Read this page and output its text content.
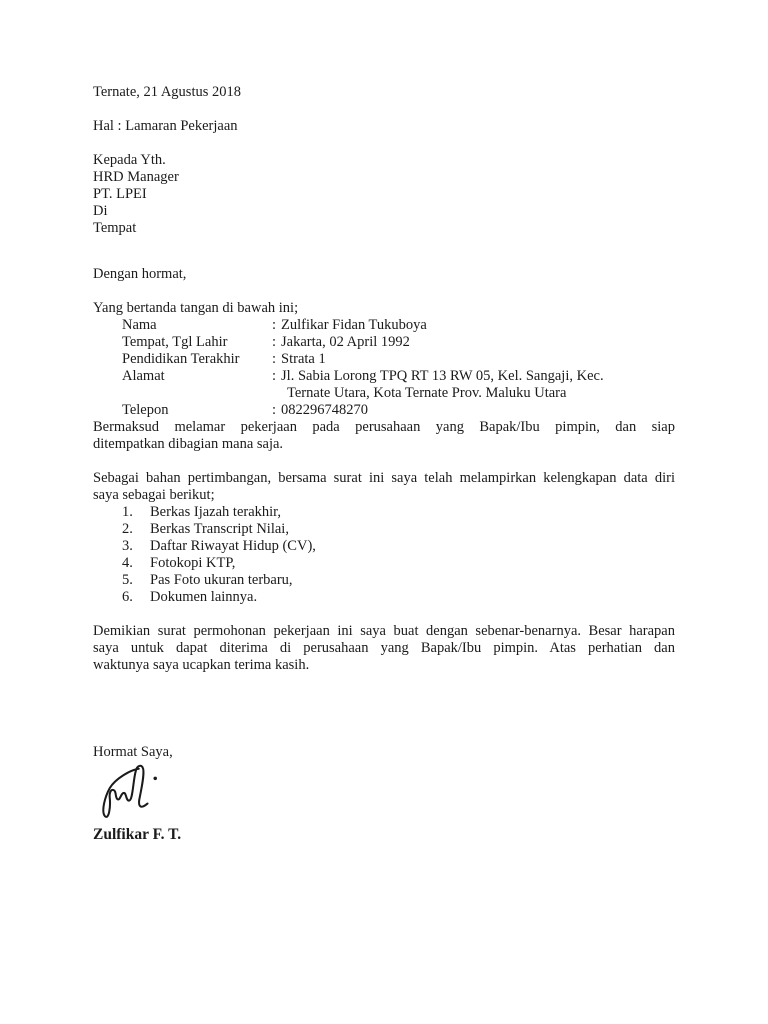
Ternate, 21 Agustus 2018
Hal : Lamaran Pekerjaan
Kepada Yth.
HRD Manager
PT. LPEI
Di
Tempat
Dengan hormat,
Yang bertanda tangan di bawah ini;
Nama	: Zulfikar Fidan Tukuboya
Tempat, Tgl Lahir	: Jakarta, 02 April 1992
Pendidikan Terakhir	: Strata 1
Alamat	: Jl. Sabia Lorong TPQ RT 13 RW 05, Kel. Sangaji, Kec.
Ternate Utara, Kota Ternate Prov. Maluku Utara
Telepon	: 082296748270
Bermaksud melamar pekerjaan pada perusahaan yang Bapak/Ibu pimpin, dan siap
ditempatkan dibagian mana saja.
Sebagai bahan pertimbangan, bersama surat ini saya telah melampirkan kelengkapan data diri
saya sebagai berikut;
1.	Berkas Ijazah terakhir,
2.	Berkas Transcript Nilai,
3.	Daftar Riwayat Hidup (CV),
4.	Fotokopi KTP,
5.	Pas Foto ukuran terbaru,
6.	Dokumen lainnya.
Demikian surat permohonan pekerjaan ini saya buat dengan sebenar-benarnya. Besar harapan
saya untuk dapat diterima di perusahaan yang Bapak/Ibu pimpin. Atas perhatian dan
waktunya saya ucapkan terima kasih.
Hormat Saya,
Zulfikar F. T.
